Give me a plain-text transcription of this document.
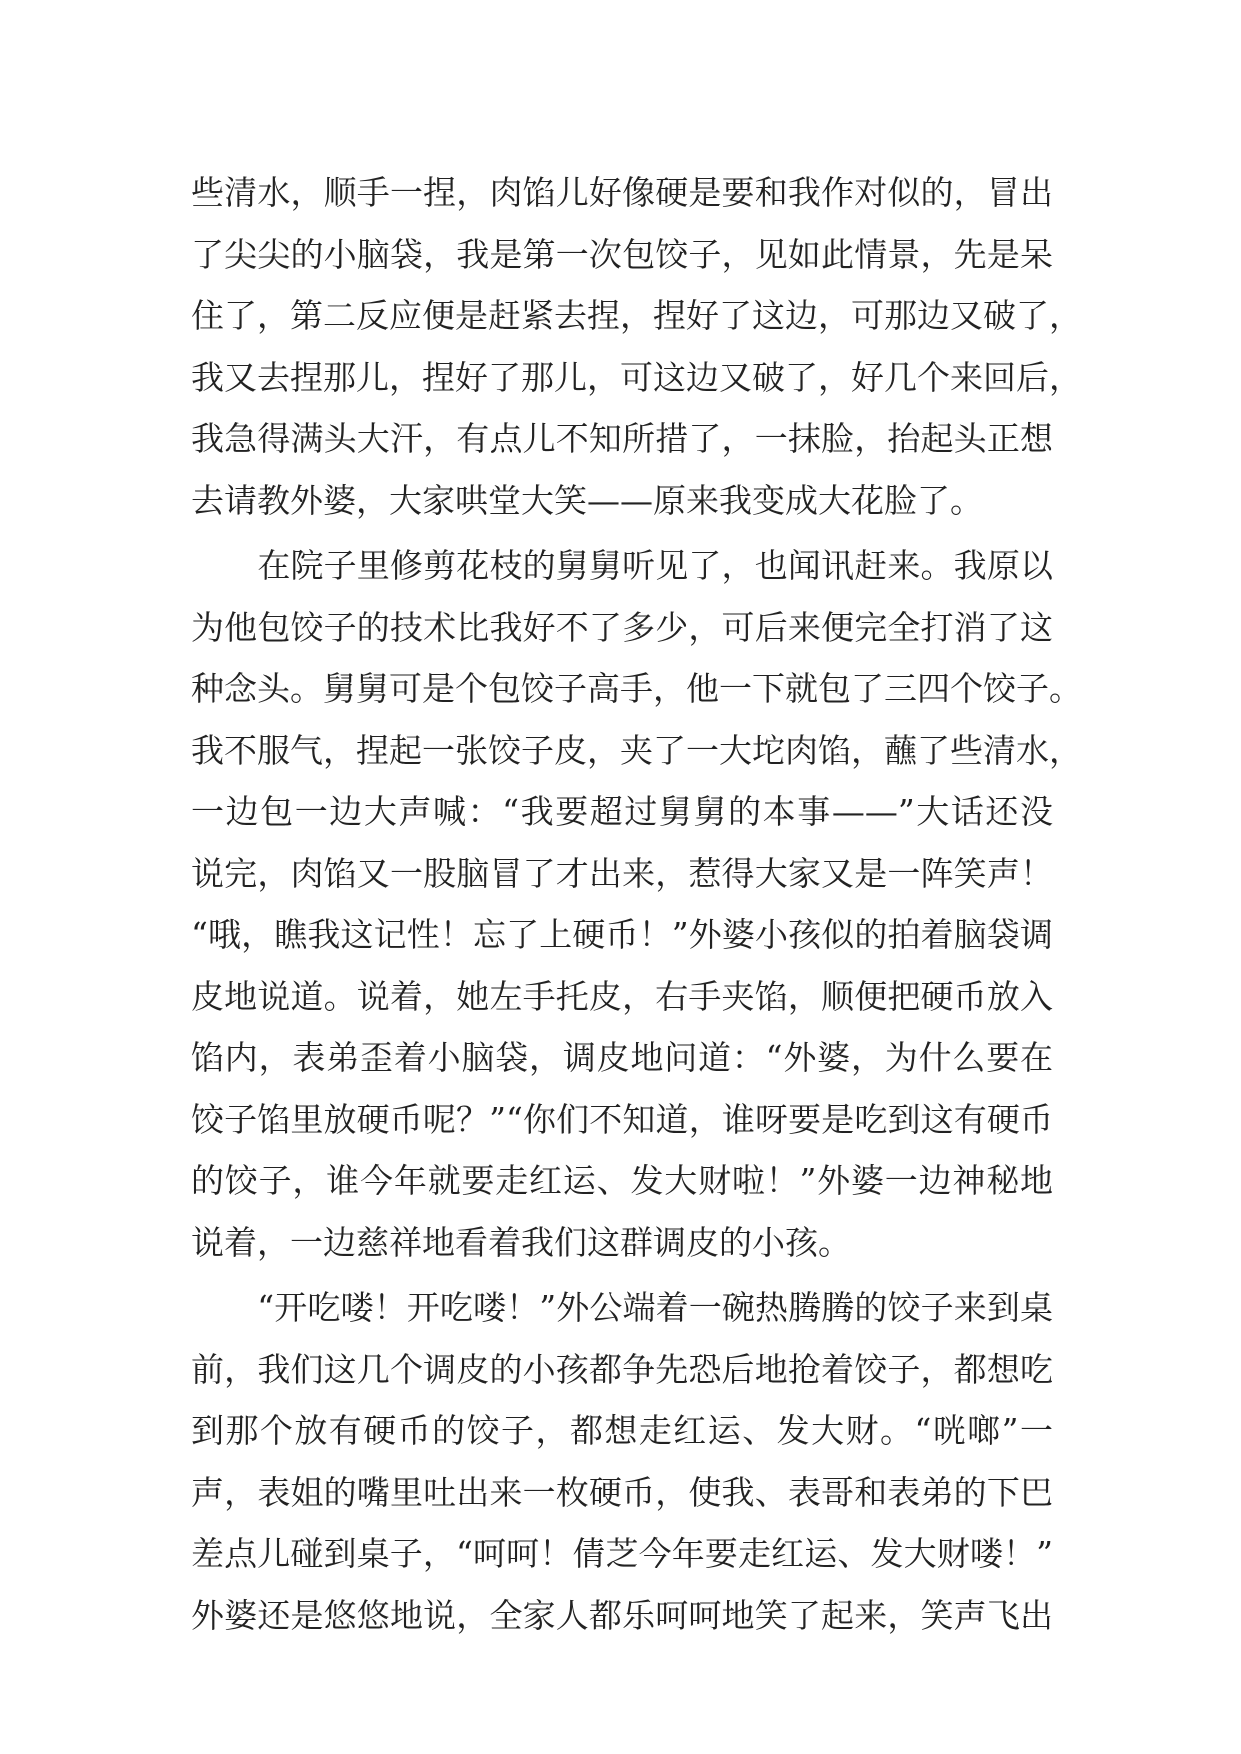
些清水，顺手一捏，肉馅儿好像硬是要和我作对似的，冒出
了尖尖的小脑袋，我是第一次包饺子，见如此情景，先是呆
住了，第二反应便是赶紧去捏，捏好了这边，可那边又破了，
我又去捏那儿，捏好了那儿，可这边又破了，好几个来回后，
我急得满头大汗，有点儿不知所措了，一抹脸，抬起头正想
去请教外婆，大家哄堂大笑——原来我变成大花脸了。
　　在院子里修剪花枝的舅舅听见了，也闻讯赶来。我原以
为他包饺子的技术比我好不了多少，可后来便完全打消了这
种念头。舅舅可是个包饺子高手，他一下就包了三四个饺子。
我不服气，捏起一张饺子皮，夹了一大坨肉馅，蘸了些清水，
一边包一边大声喊：“我要超过舅舅的本事——”大话还没
说完，肉馅又一股脑冒了才出来，惹得大家又是一阵笑声！
“哦，瞧我这记性！忘了上硬币！”外婆小孩似的拍着脑袋调
皮地说道。说着，她左手托皮，右手夹馅，顺便把硬币放入
馅内，表弟歪着小脑袋，调皮地问道：“外婆，为什么要在
饺子馅里放硬币呢？”“你们不知道，谁呀要是吃到这有硬币
的饺子，谁今年就要走红运、发大财啦！”外婆一边神秘地
说着，一边慈祥地看着我们这群调皮的小孩。
　　“开吃喽！开吃喽！”外公端着一碗热腾腾的饺子来到桌
前，我们这几个调皮的小孩都争先恐后地抢着饺子，都想吃
到那个放有硬币的饺子，都想走红运、发大财。“咣啷”一
声，表姐的嘴里吐出来一枚硬币，使我、表哥和表弟的下巴
差点儿碰到桌子，“呵呵！倩芝今年要走红运、发大财喽！”
外婆还是悠悠地说，全家人都乐呵呵地笑了起来，笑声飞出
